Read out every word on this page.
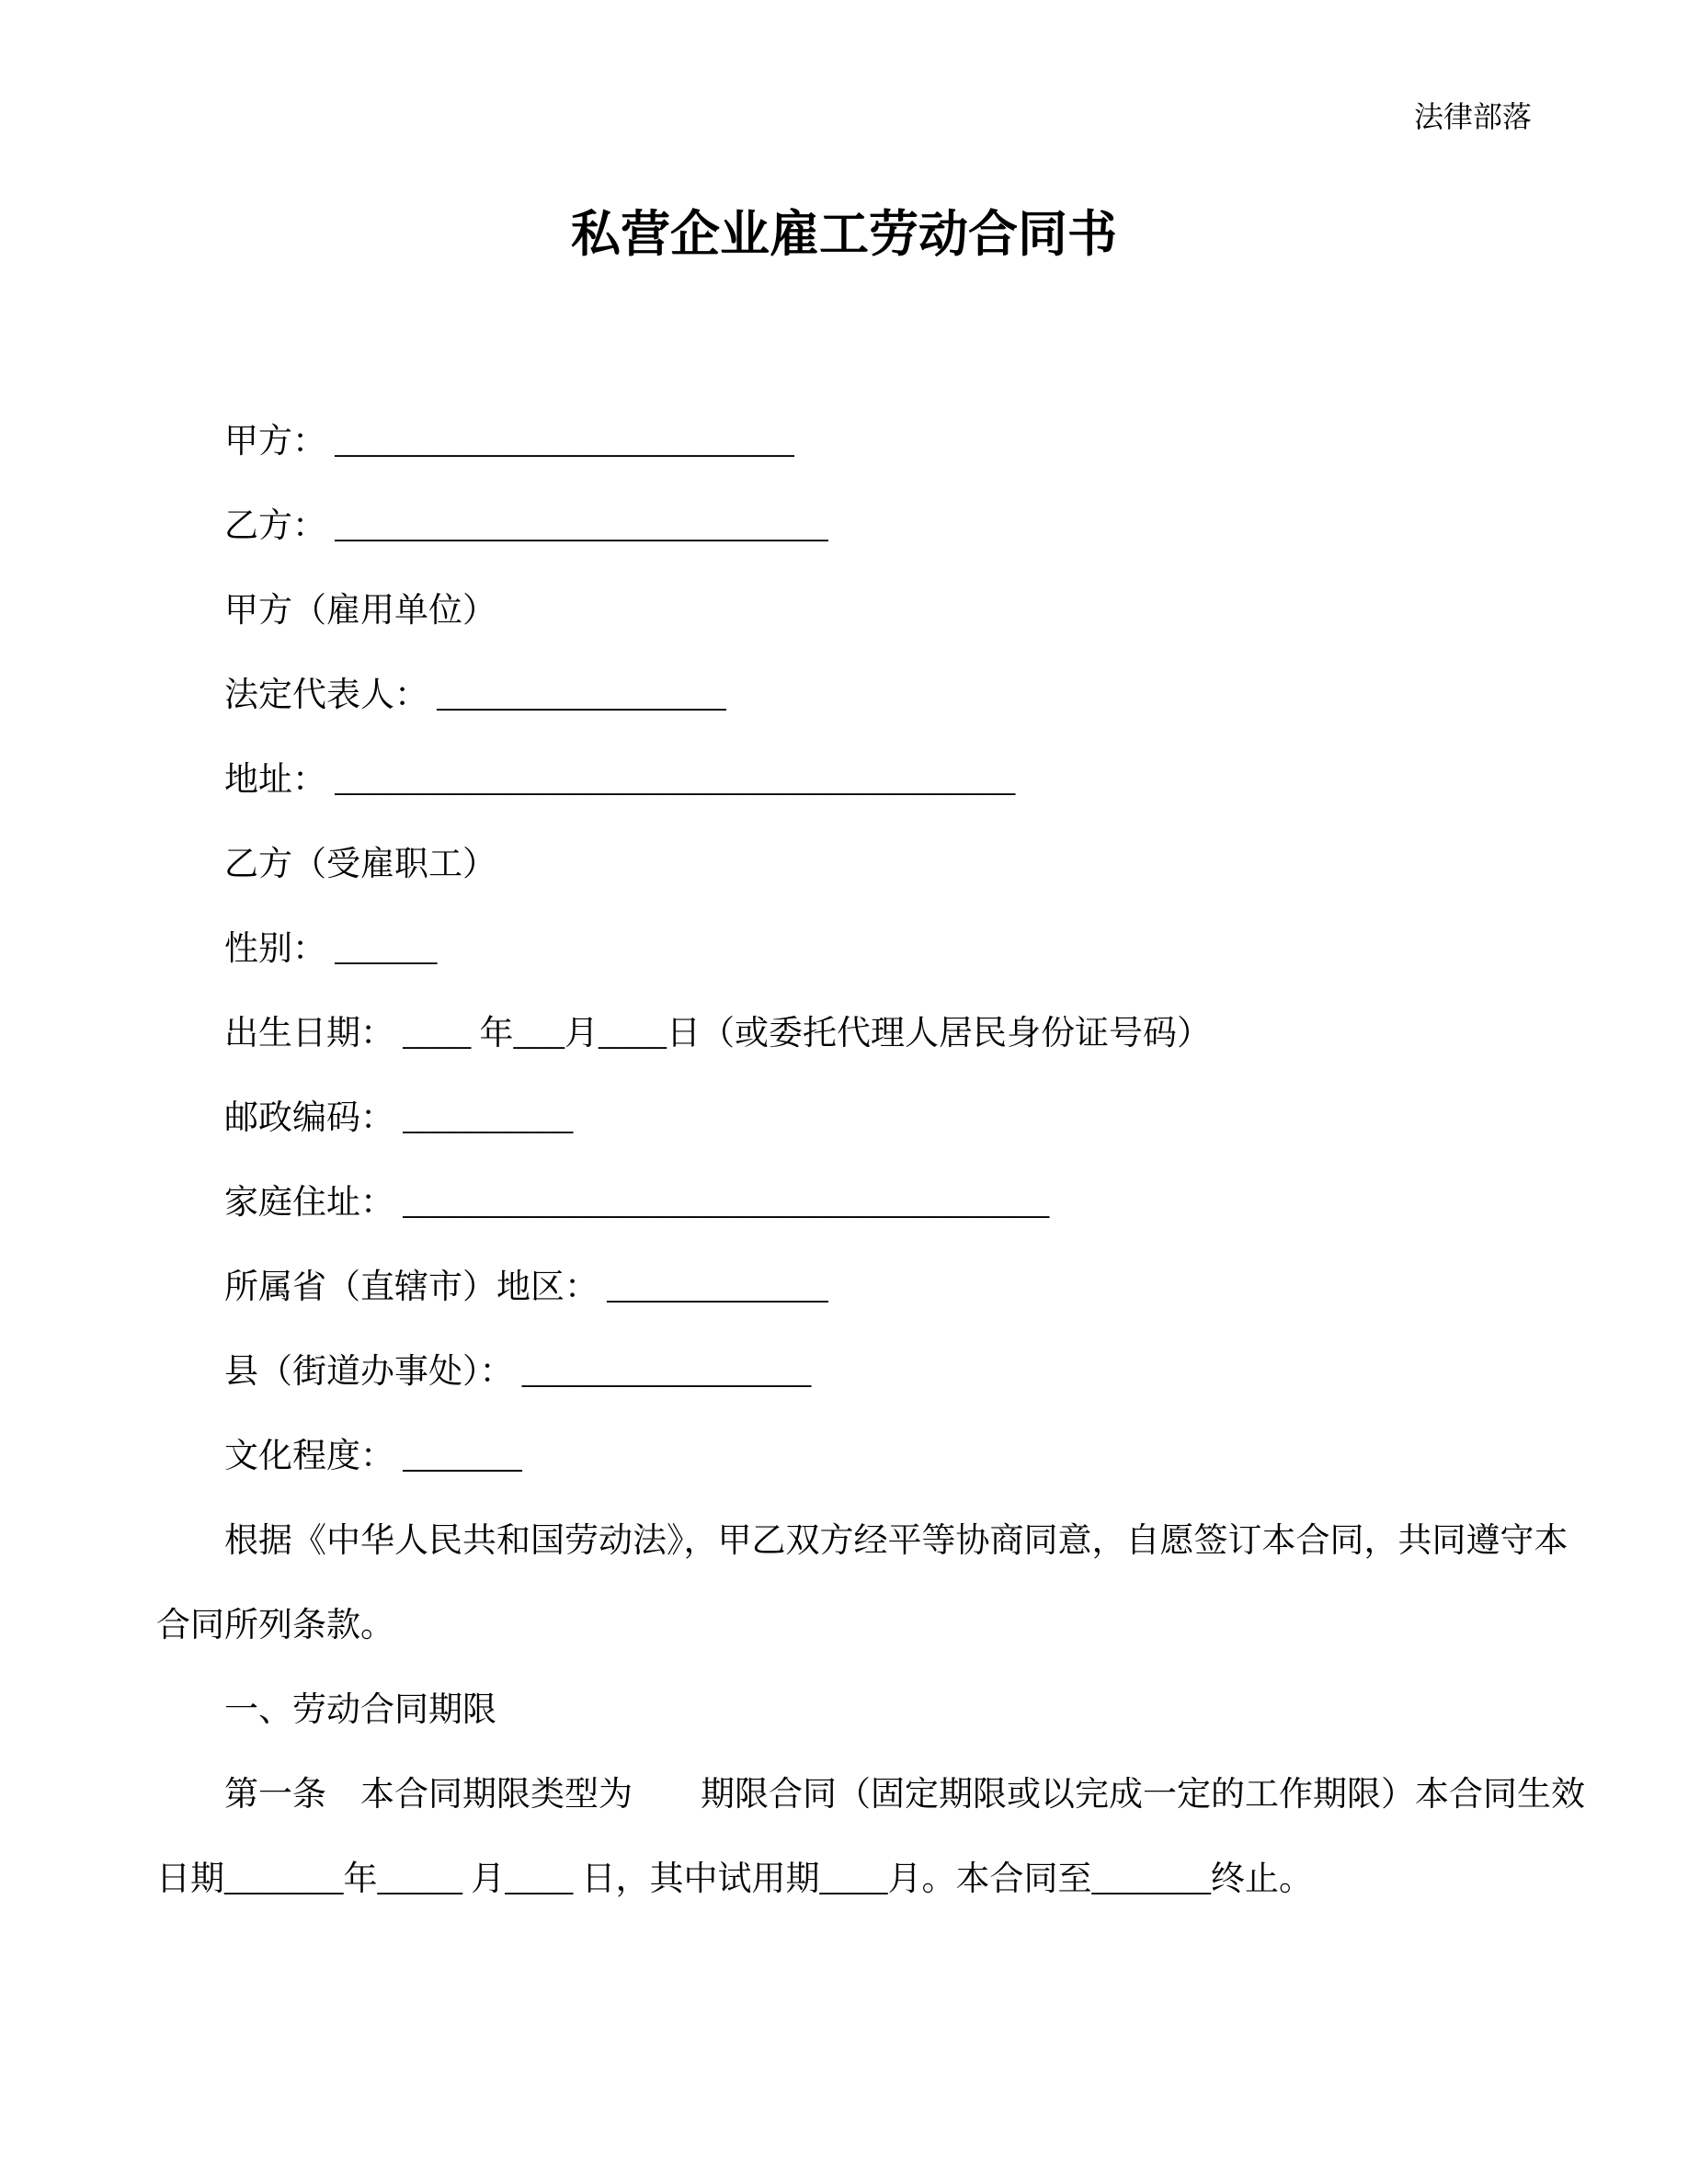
法律部落
私营企业雇工劳动合同书
甲方： ___________________________
乙方： _____________________________
甲方（雇用单位）
法定代表人： _________________
地址： ________________________________________
乙方（受雇职工）
性别： ______
出生日期： ____ 年___月____日（或委托代理人居民身份证号码）
邮政编码： __________
家庭住址： ______________________________________
所属省（直辖市）地区： _____________
县（街道办事处）： _________________
文化程度： _______
根据《中华人民共和国劳动法》，甲乙双方经平等协商同意，自愿签订本合同，共同遵守本
合同所列条款。
一、劳动合同期限
第一条　本合同期限类型为　　期限合同（固定期限或以完成一定的工作期限）本合同生效
日期_______年_____ 月____ 日，其中试用期____月。本合同至_______终止。
